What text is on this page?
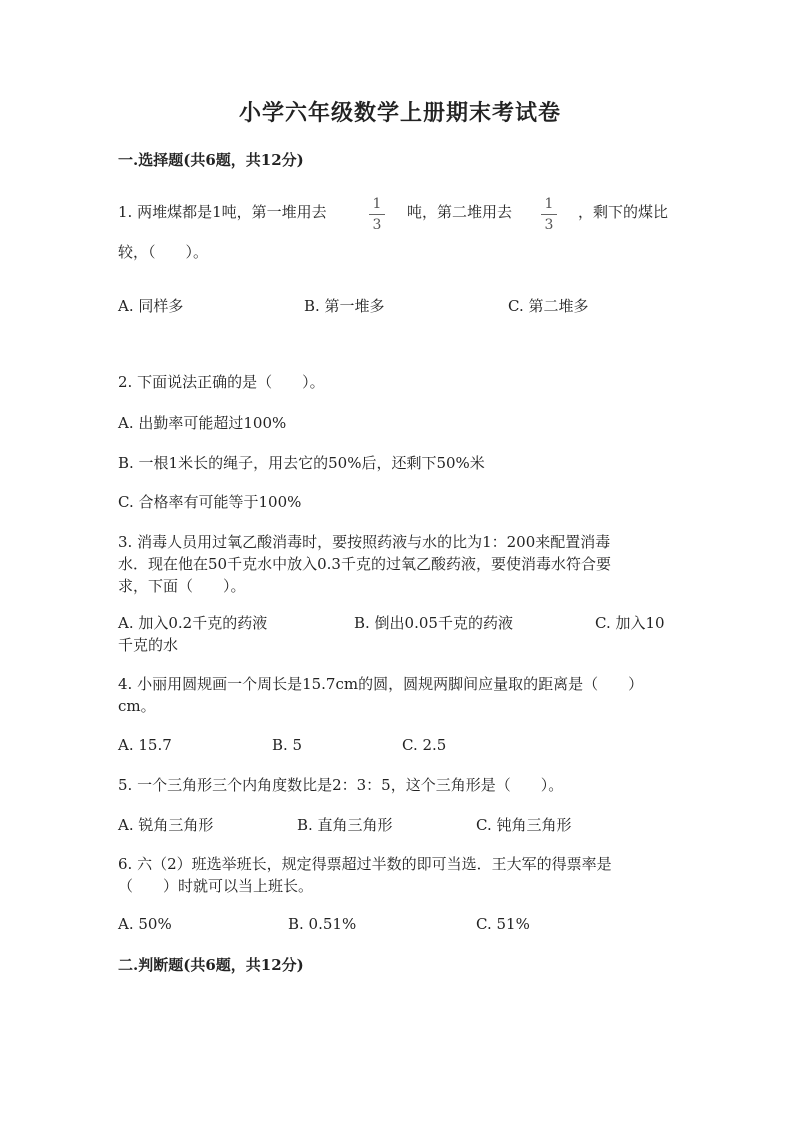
小学六年级数学上册期末考试卷
一.选择题(共6题，共12分)
1. 两堆煤都是1吨，第一堆用去	1
3
吨，第二堆用去	1
3
，剩下的煤比
较，（　　）。
A. 同样多	B. 第一堆多	C. 第二堆多
2. 下面说法正确的是（　　）。
A. 出勤率可能超过100%
B. 一根1米长的绳子，用去它的50%后，还剩下50%米
C. 合格率有可能等于100%
3. 消毒人员用过氧乙酸消毒时，要按照药液与水的比为1：200来配置消毒
水．现在他在50千克水中放入0.3千克的过氧乙酸药液，要使消毒水符合要
求，下面（　　）。
A. 加入0.2千克的药液	B. 倒出0.05千克的药液	C. 加入10
千克的水
4. 小丽用圆规画一个周长是15.7cm的圆，圆规两脚间应量取的距离是（　　）
cm。
A. 15.7	B. 5	C. 2.5
5. 一个三角形三个内角度数比是2：3：5，这个三角形是（　　）。
A. 锐角三角形	B. 直角三角形	C. 钝角三角形
6. 六（2）班选举班长，规定得票超过半数的即可当选．王大军的得票率是
（　　）时就可以当上班长。
A. 50%	B. 0.51%	C. 51%
二.判断题(共6题，共12分)
